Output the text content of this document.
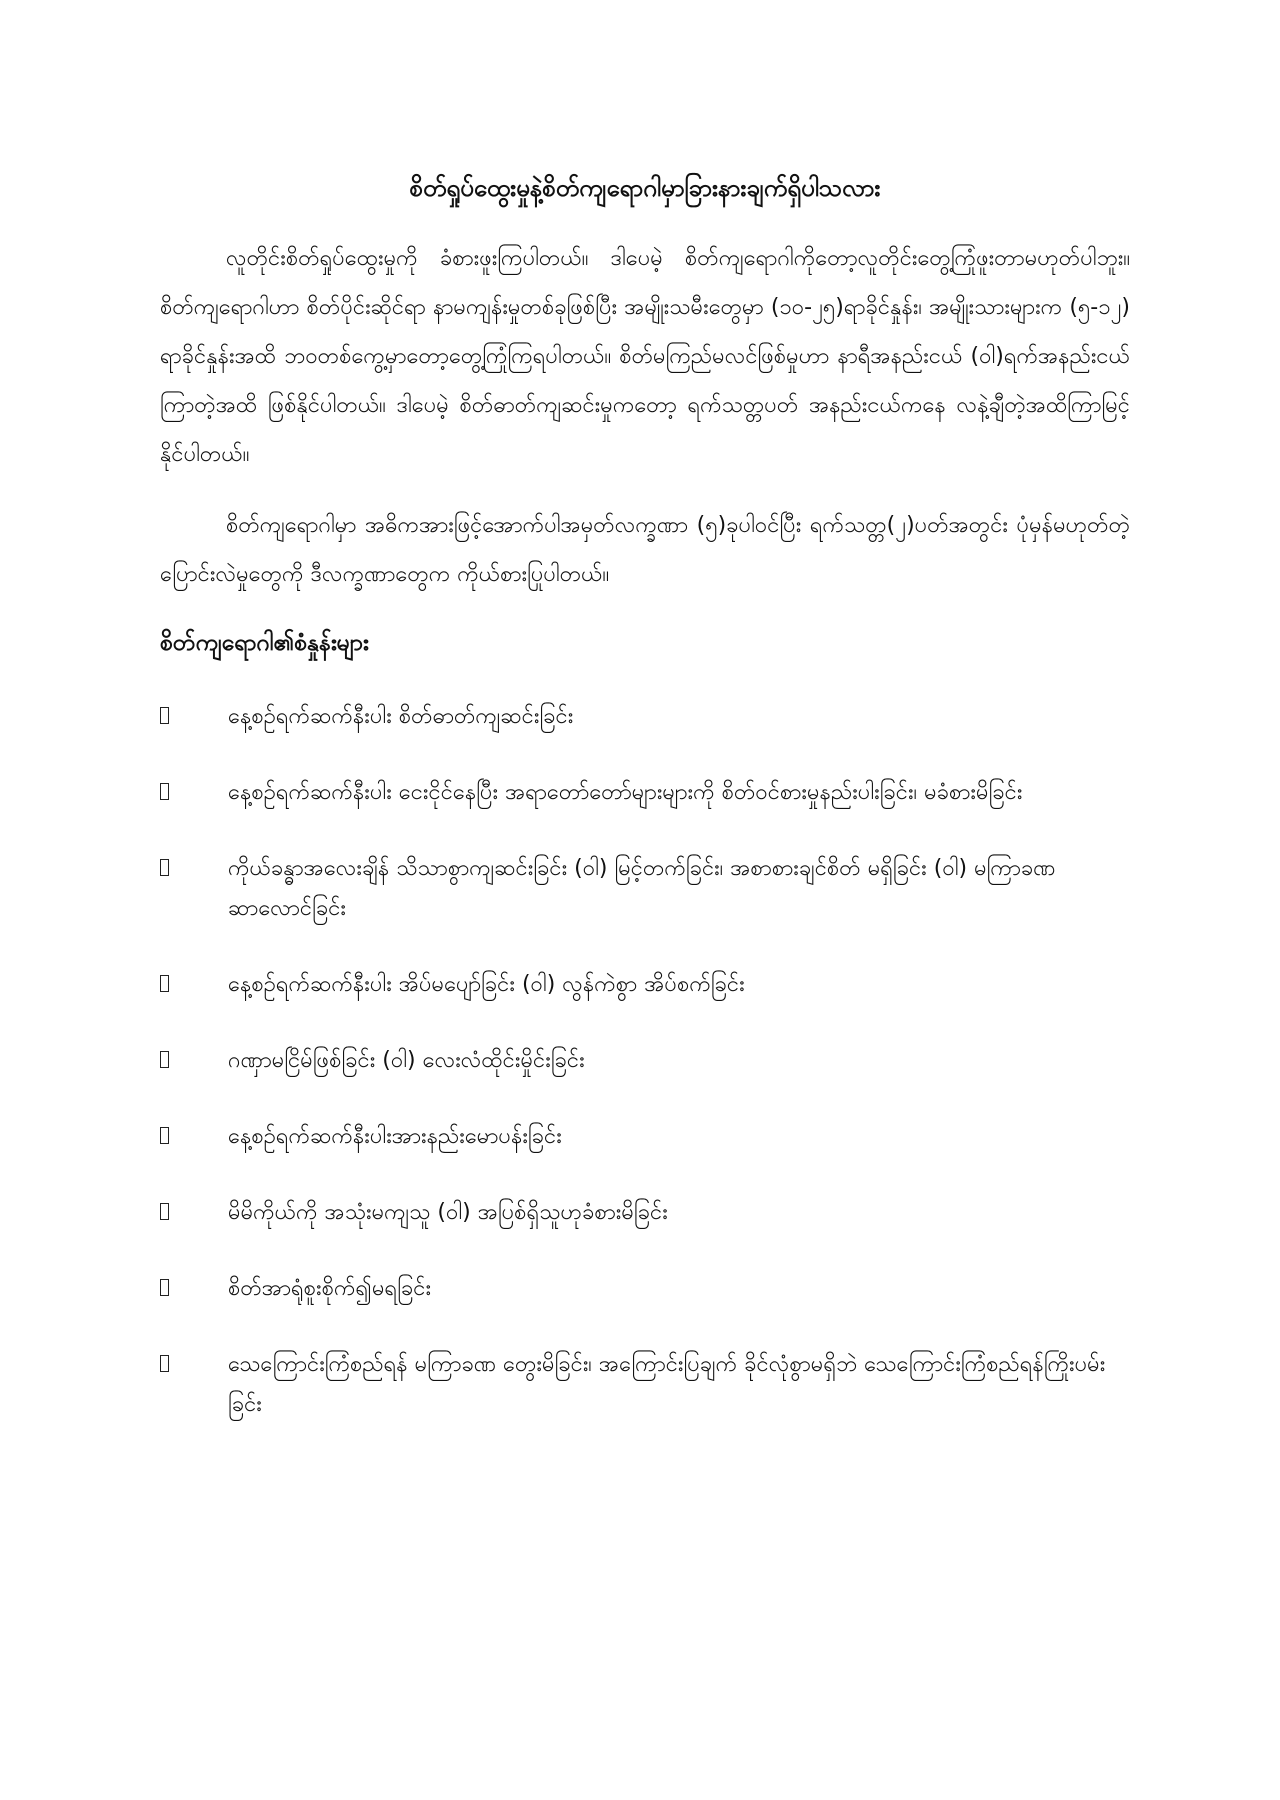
စိတ်ရှုပ်ထွေးမှုနဲ့စိတ်ကျရောဂါမှာခြားနားချက်ရှိပါသလား

လူတိုင်းစိတ်ရှုပ်ထွေးမှုကို ခံစားဖူးကြပါတယ်။ ဒါပေမဲ့ စိတ်ကျရောဂါကိုတော့လူတိုင်းတွေ့ကြုံဖူးတာမဟုတ်ပါဘူး။ စိတ်ကျရောဂါဟာ စိတ်ပိုင်းဆိုင်ရာ နာမကျန်းမှုတစ်ခုဖြစ်ပြီး အမျိုးသမီးတွေမှာ (၁၀-၂၅)ရာခိုင်နှုန်း၊ အမျိုးသားများက (၅-၁၂) ရာခိုင်နှုန်းအထိ ဘဝတစ်ကွေ့မှာတော့တွေ့ကြုံကြရပါတယ်။ စိတ်မကြည်မလင်ဖြစ်မှုဟာ နာရီအနည်းငယ် (ဝါ)ရက်အနည်းငယ်ကြာတဲ့အထိ ဖြစ်နိုင်ပါတယ်။ ဒါပေမဲ့ စိတ်ဓာတ်ကျဆင်းမှုကတော့ ရက်သတ္တပတ် အနည်းငယ်ကနေ လနဲ့ချီတဲ့အထိကြာမြင့်နိုင်ပါတယ်။

စိတ်ကျရောဂါမှာ အဓိကအားဖြင့်အောက်ပါအမှတ်လက္ခဏာ (၅)ခုပါဝင်ပြီး ရက်သတ္တ(၂)ပတ်အတွင်း ပုံမှန်မဟုတ်တဲ့ ပြောင်းလဲမှုတွေကို ဒီလက္ခဏာတွေက ကိုယ်စားပြုပါတယ်။

စိတ်ကျရောဂါ၏စံနှုန်းများ
နေ့စဥ်ရက်ဆက်နီးပါး စိတ်ဓာတ်ကျဆင်းခြင်း
နေ့စဥ်ရက်ဆက်နီးပါး ငေးငိုင်နေပြီး အရာတော်တော်များများကို စိတ်ဝင်စားမှုနည်းပါးခြင်း၊ မခံစားမိခြင်း
ကိုယ်ခန္ဓာအလေးချိန် သိသာစွာကျဆင်းခြင်း (ဝါ) မြင့်တက်ခြင်း၊ အစာစားချင်စိတ် မရှိခြင်း (ဝါ) မကြာခဏဆာလောင်ခြင်း
နေ့စဥ်ရက်ဆက်နီးပါး အိပ်မပျော်ခြင်း (ဝါ) လွန်ကဲစွာ အိပ်စက်ခြင်း
ဂဏှာမငြိမ်ဖြစ်ခြင်း (ဝါ) လေးလံထိုင်းမှိုင်းခြင်း
နေ့စဥ်ရက်ဆက်နီးပါးအားနည်းမောပန်းခြင်း
မိမိကိုယ်ကို အသုံးမကျသူ (ဝါ) အပြစ်ရှိသူဟုခံစားမိခြင်း
စိတ်အာရုံစူးစိုက်၍မရခြင်း
သေကြောင်းကြံစည်ရန် မကြာခဏ တွေးမိခြင်း၊ အကြောင်းပြချက် ခိုင်လုံစွာမရှိဘဲ သေကြောင်းကြံစည်ရန်ကြိုးပမ်းခြင်း
